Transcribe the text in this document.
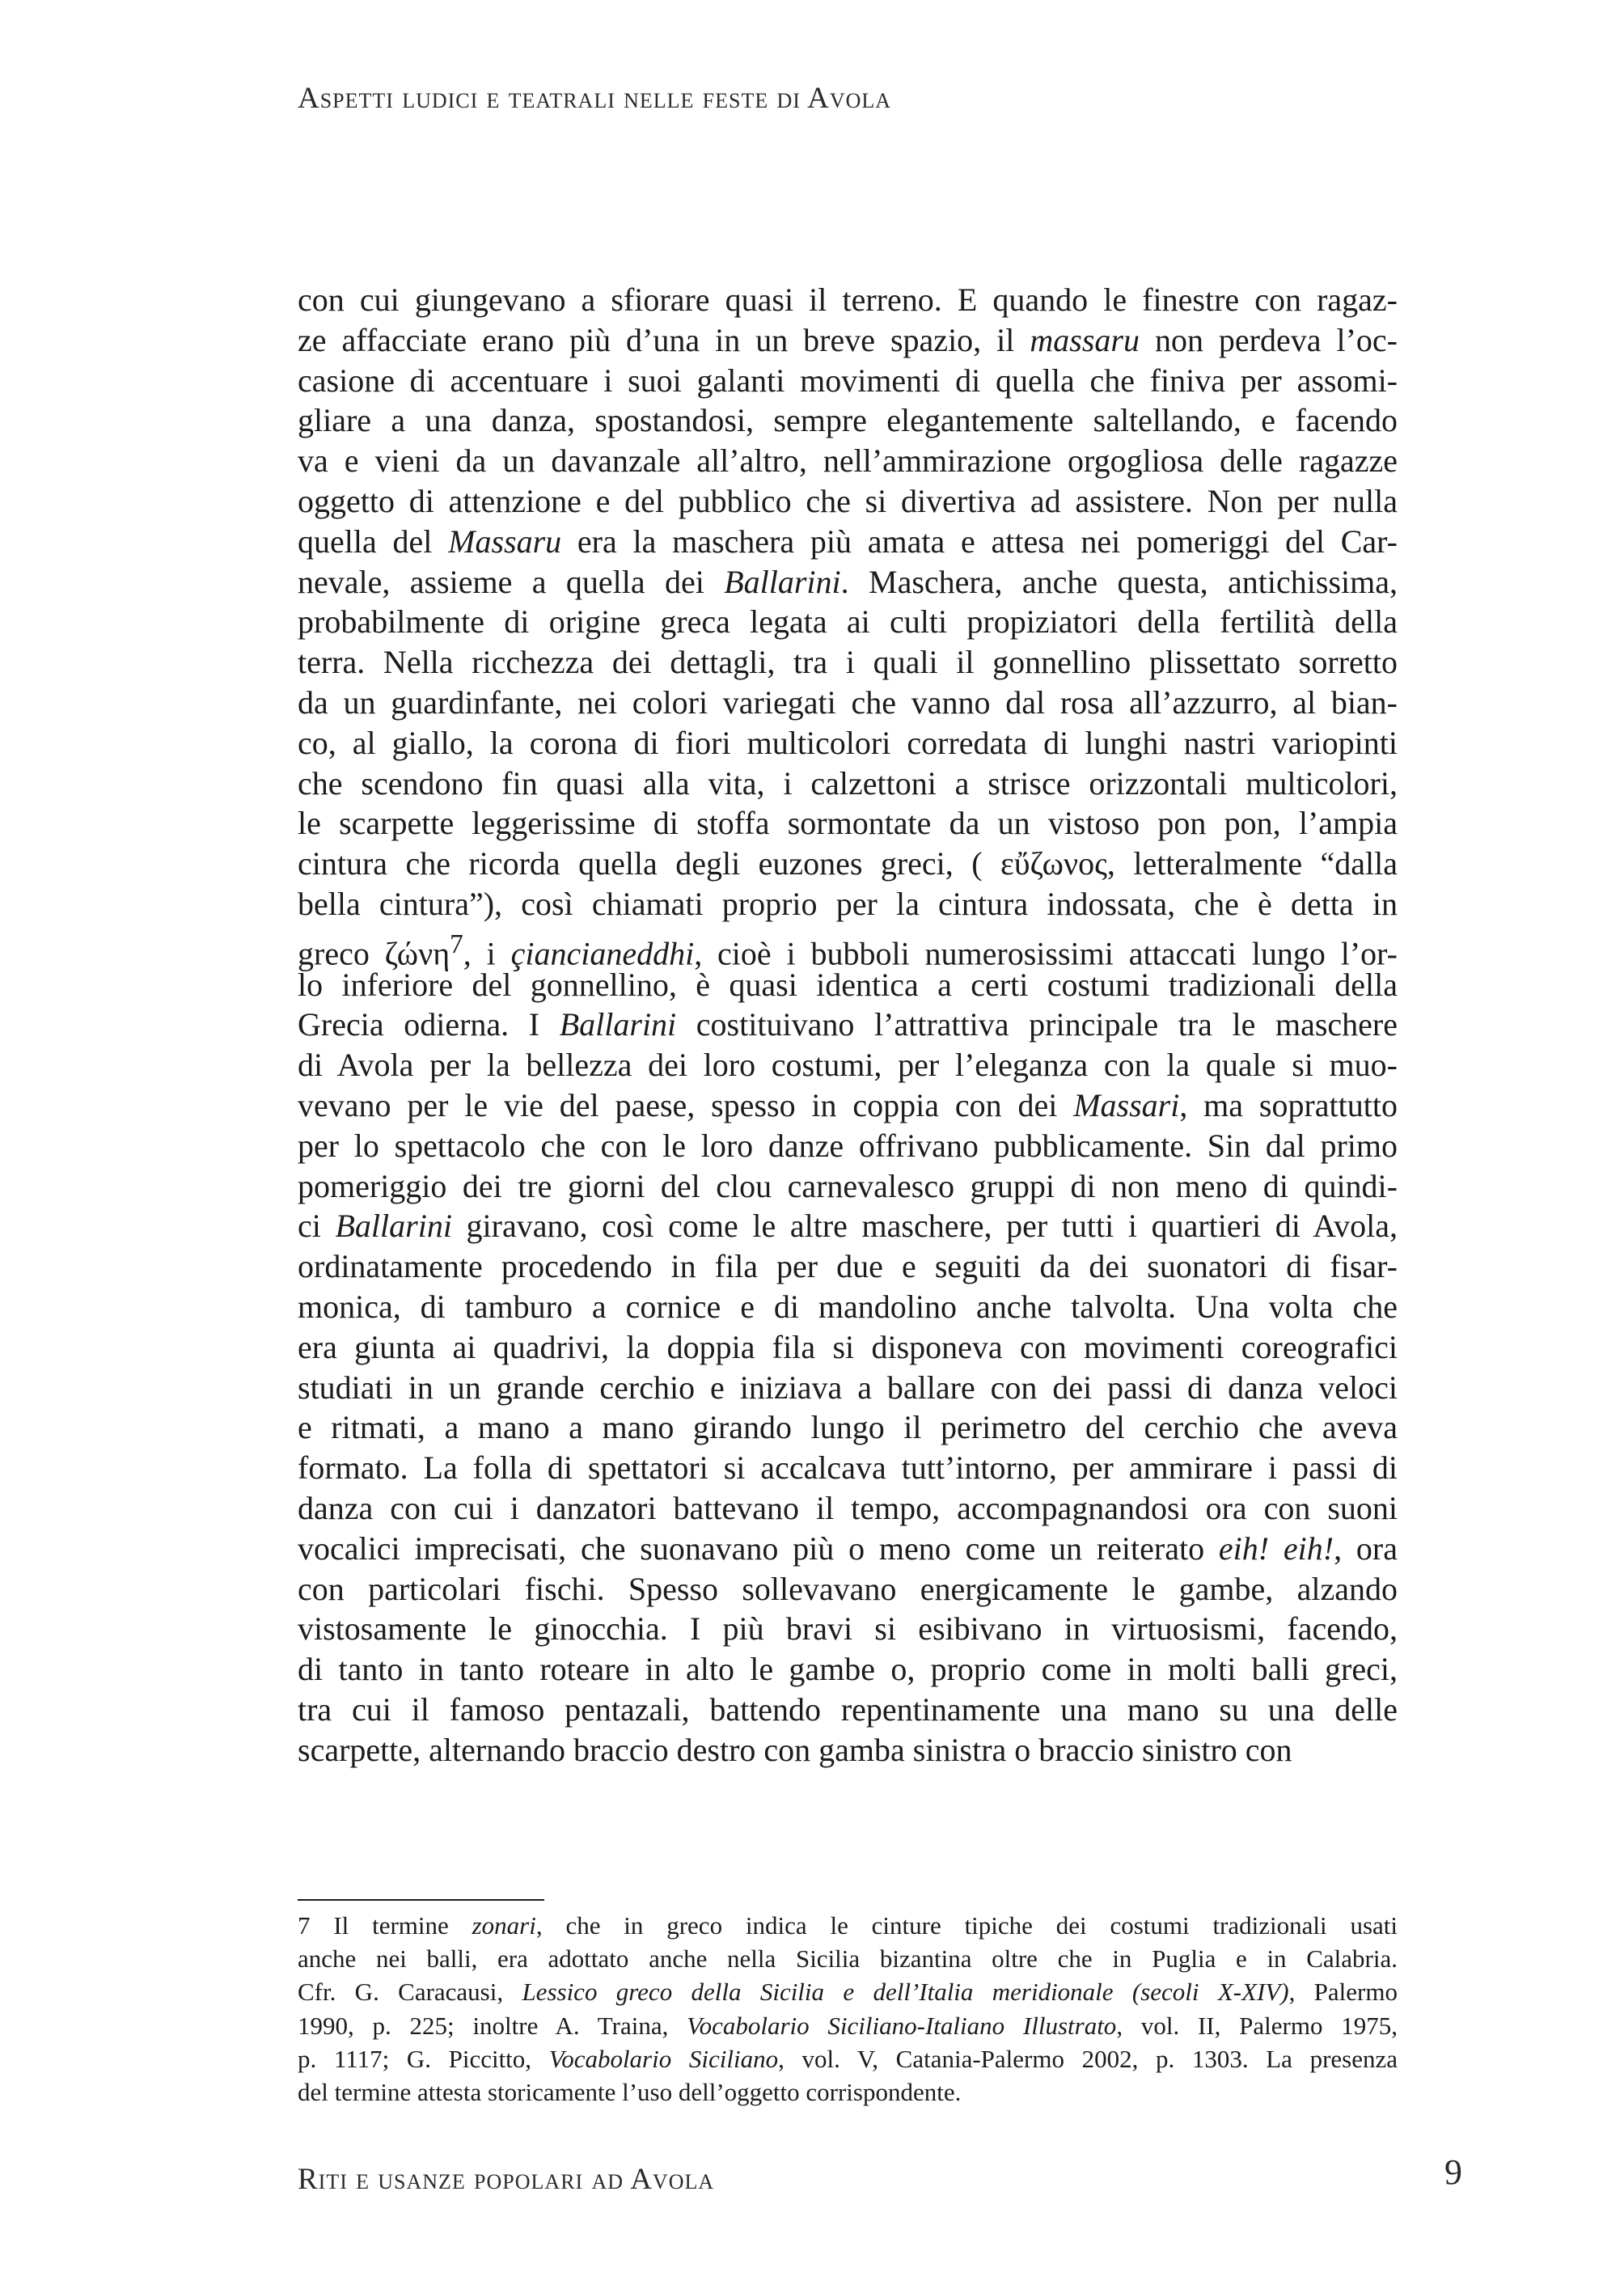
Aspetti ludici e teatrali nelle feste di Avola
con cui giungevano a sfiorare quasi il terreno. E quando le finestre con ragaz-
ze affacciate erano più d’una in un breve spazio, il massaru non perdeva l’oc-
casione di accentuare i suoi galanti movimenti di quella che finiva per assomi-
gliare a una danza, spostandosi, sempre elegantemente saltellando, e facendo
va e vieni da un davanzale all’altro, nell’ammirazione orgogliosa delle ragazze
oggetto di attenzione e del pubblico che si divertiva ad assistere. Non per nulla
quella del Massaru era la maschera più amata e attesa nei pomeriggi del Car-
nevale, assieme a quella dei Ballarini. Maschera, anche questa, antichissima,
probabilmente di origine greca legata ai culti propiziatori della fertilità della
terra. Nella ricchezza dei dettagli, tra i quali il gonnellino plissettato sorretto
da un guardinfante, nei colori variegati che vanno dal rosa all’azzurro, al bian-
co, al giallo, la corona di fiori multicolori corredata di lunghi nastri variopinti
che scendono fin quasi alla vita, i calzettoni a strisce orizzontali multicolori,
le scarpette leggerissime di stoffa sormontate da un vistoso pon pon, l’ampia
cintura che ricorda quella degli euzones greci, ( εὔζωνος, letteralmente “dalla
bella cintura”), così chiamati proprio per la cintura indossata, che è detta in
greco ζώνη$^7$, i çiancianeddhi, cioè i bubboli numerosissimi attaccati lungo l’or-
lo inferiore del gonnellino, è quasi identica a certi costumi tradizionali della
Grecia odierna. I Ballarini costituivano l’attrattiva principale tra le maschere
di Avola per la bellezza dei loro costumi, per l’eleganza con la quale si muo-
vevano per le vie del paese, spesso in coppia con dei Massari, ma soprattutto
per lo spettacolo che con le loro danze offrivano pubblicamente. Sin dal primo
pomeriggio dei tre giorni del clou carnevalesco gruppi di non meno di quindi-
ci Ballarini giravano, così come le altre maschere, per tutti i quartieri di Avola,
ordinatamente procedendo in fila per due e seguiti da dei suonatori di fisar-
monica, di tamburo a cornice e di mandolino anche talvolta. Una volta che
era giunta ai quadrivi, la doppia fila si disponeva con movimenti coreografici
studiati in un grande cerchio e iniziava a ballare con dei passi di danza veloci
e ritmati, a mano a mano girando lungo il perimetro del cerchio che aveva
formato. La folla di spettatori si accalcava tutt’intorno, per ammirare i passi di
danza con cui i danzatori battevano il tempo, accompagnandosi ora con suoni
vocalici imprecisati, che suonavano più o meno come un reiterato eih! eih!, ora
con particolari fischi. Spesso sollevavano energicamente le gambe, alzando
vistosamente le ginocchia. I più bravi si esibivano in virtuosismi, facendo,
di tanto in tanto roteare in alto le gambe o, proprio come in molti balli greci,
tra cui il famoso pentazali, battendo repentinamente una mano su una delle
scarpette, alternando braccio destro con gamba sinistra o braccio sinistro con
7 Il termine zonari, che in greco indica le cinture tipiche dei costumi tradizionali usati
anche nei balli, era adottato anche nella Sicilia bizantina oltre che in Puglia e in Calabria.
Cfr. G. Caracausi, Lessico greco della Sicilia e dell’Italia meridionale (secoli X-XIV), Palermo
1990, p. 225; inoltre A. Traina, Vocabolario Siciliano-Italiano Illustrato, vol. II, Palermo 1975,
p. 1117; G. Piccitto, Vocabolario Siciliano, vol. V, Catania-Palermo 2002, p. 1303. La presenza
del termine attesta storicamente l’uso dell’oggetto corrispondente.
Riti e usanze popolari ad Avola	9
